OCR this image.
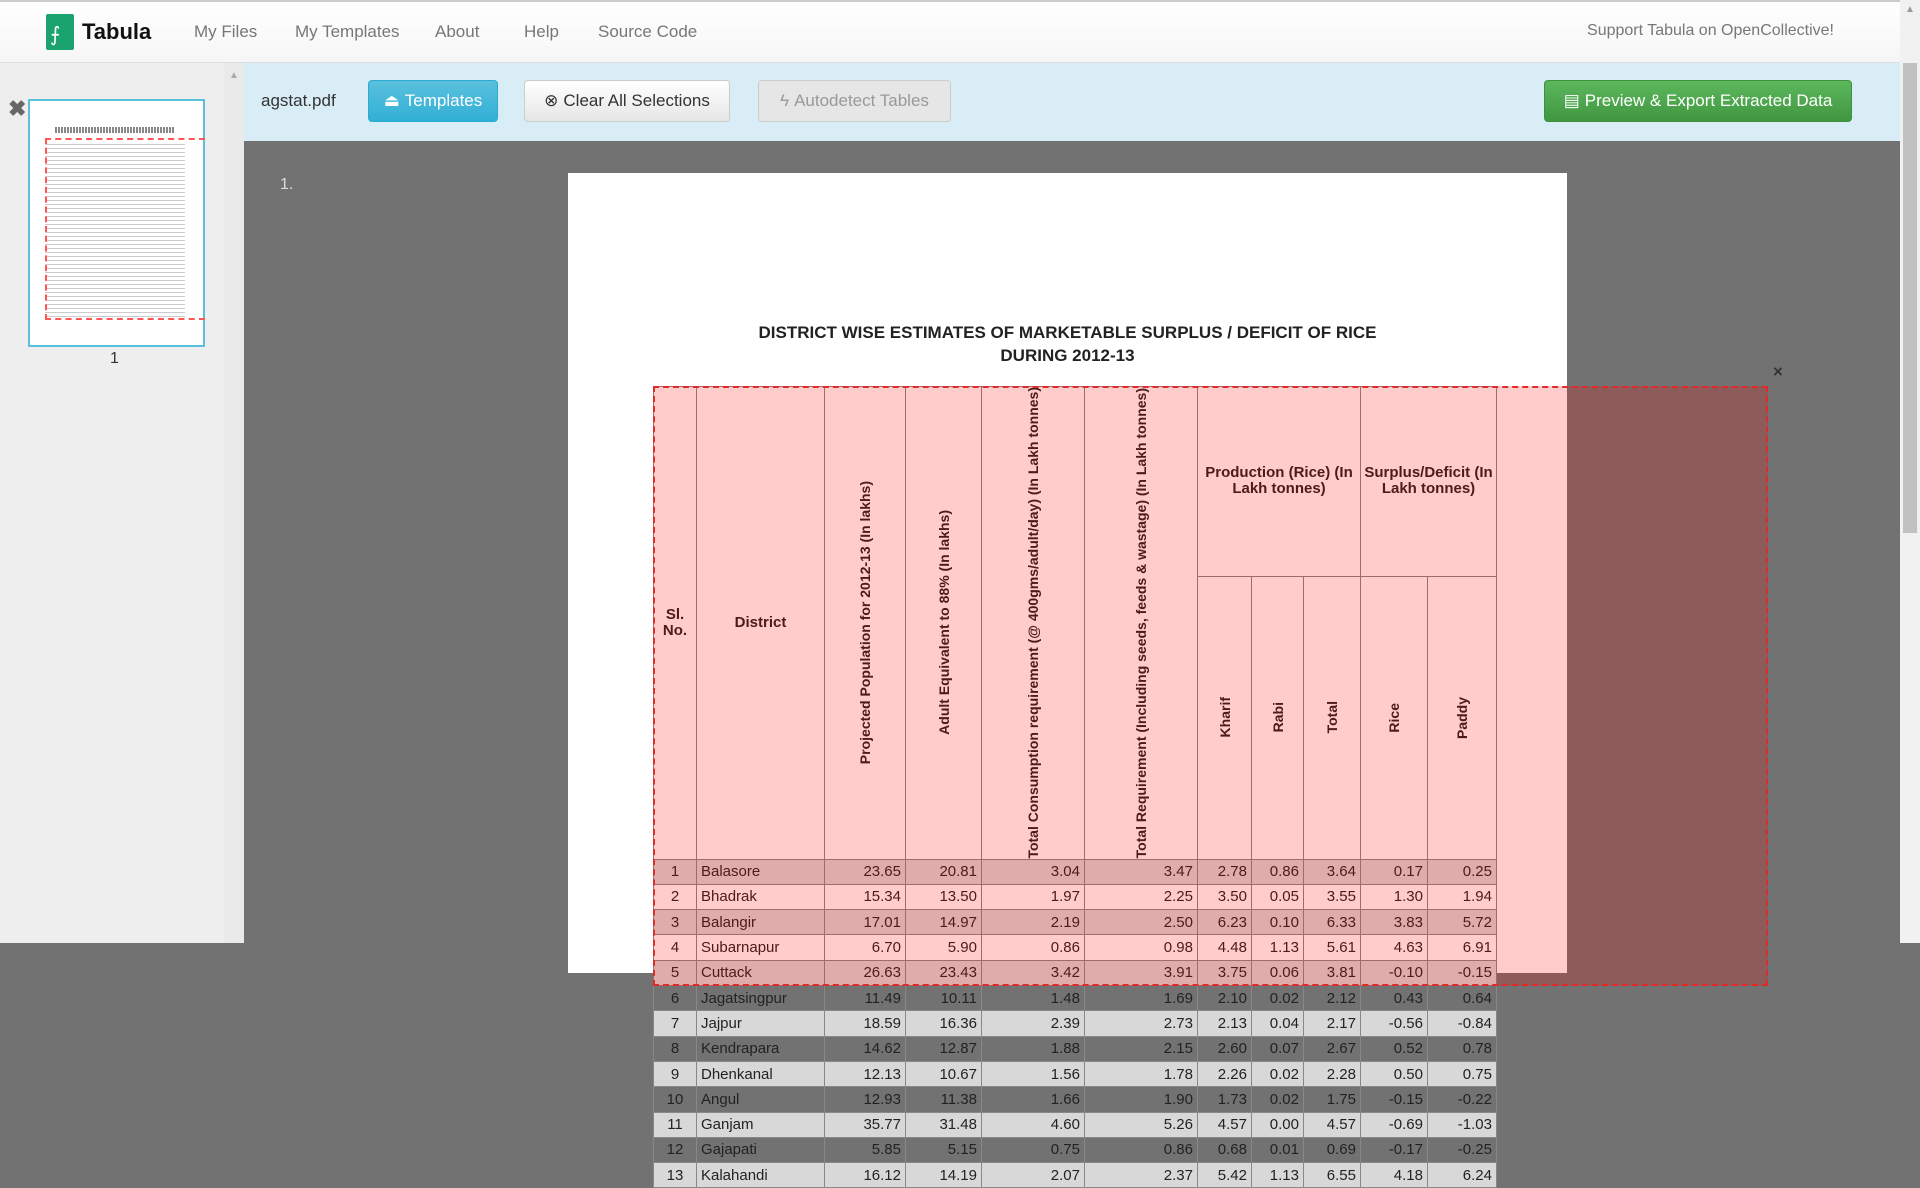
⨍
Tabula	My Files My Templates About	Help Source Code	Support Tabula on OpenCollective!
▲
✖
1
agstat.pdf	⏏ Templates	⊗ Clear All Selections	ϟ Autodetect Tables	▤ Preview & Export Extracted Data
1.
DISTRICT WISE ESTIMATES OF MARKETABLE SURPLUS / DEFICIT OF RICE
DURING 2012-13
Sl. No.	District	Projected Population for 2012-13 (In lakhs)	Adult Equivalent to 88% (In lakhs)	Total Consumption requirement (@ 400gms/adult/day) (In Lakh tonnes)	Total Requirement (Including seeds, feeds & wastage) (In Lakh tonnes)	Production (Rice) (In Lakh tonnes)			Surplus/Deficit (In Lakh tonnes)	

						Kharif	Rabi	Total	Rice	Paddy

1	Balasore	23.65	20.81	3.04	3.47	2.78	0.86	3.64	0.17	0.25
2	Bhadrak	15.34	13.50	1.97	2.25	3.50	0.05	3.55	1.30	1.94
3	Balangir	17.01	14.97	2.19	2.50	6.23	0.10	6.33	3.83	5.72
4	Subarnapur	6.70	5.90	0.86	0.98	4.48	1.13	5.61	4.63	6.91
5	Cuttack	26.63	23.43	3.42	3.91	3.75	0.06	3.81	-0.10	-0.15
6	Jagatsingpur	11.49	10.11	1.48	1.69	2.10	0.02	2.12	0.43	0.64
7	Jajpur	18.59	16.36	2.39	2.73	2.13	0.04	2.17	-0.56	-0.84
8	Kendrapara	14.62	12.87	1.88	2.15	2.60	0.07	2.67	0.52	0.78
9	Dhenkanal	12.13	10.67	1.56	1.78	2.26	0.02	2.28	0.50	0.75
10	Angul	12.93	11.38	1.66	1.90	1.73	0.02	1.75	-0.15	-0.22
11	Ganjam	35.77	31.48	4.60	5.26	4.57	0.00	4.57	-0.69	-1.03
12	Gajapati	5.85	5.15	0.75	0.86	0.68	0.01	0.69	-0.17	-0.25
13	Kalahandi	16.12	14.19	2.07	2.37	5.42	1.13	6.55	4.18	6.24
×
▲
